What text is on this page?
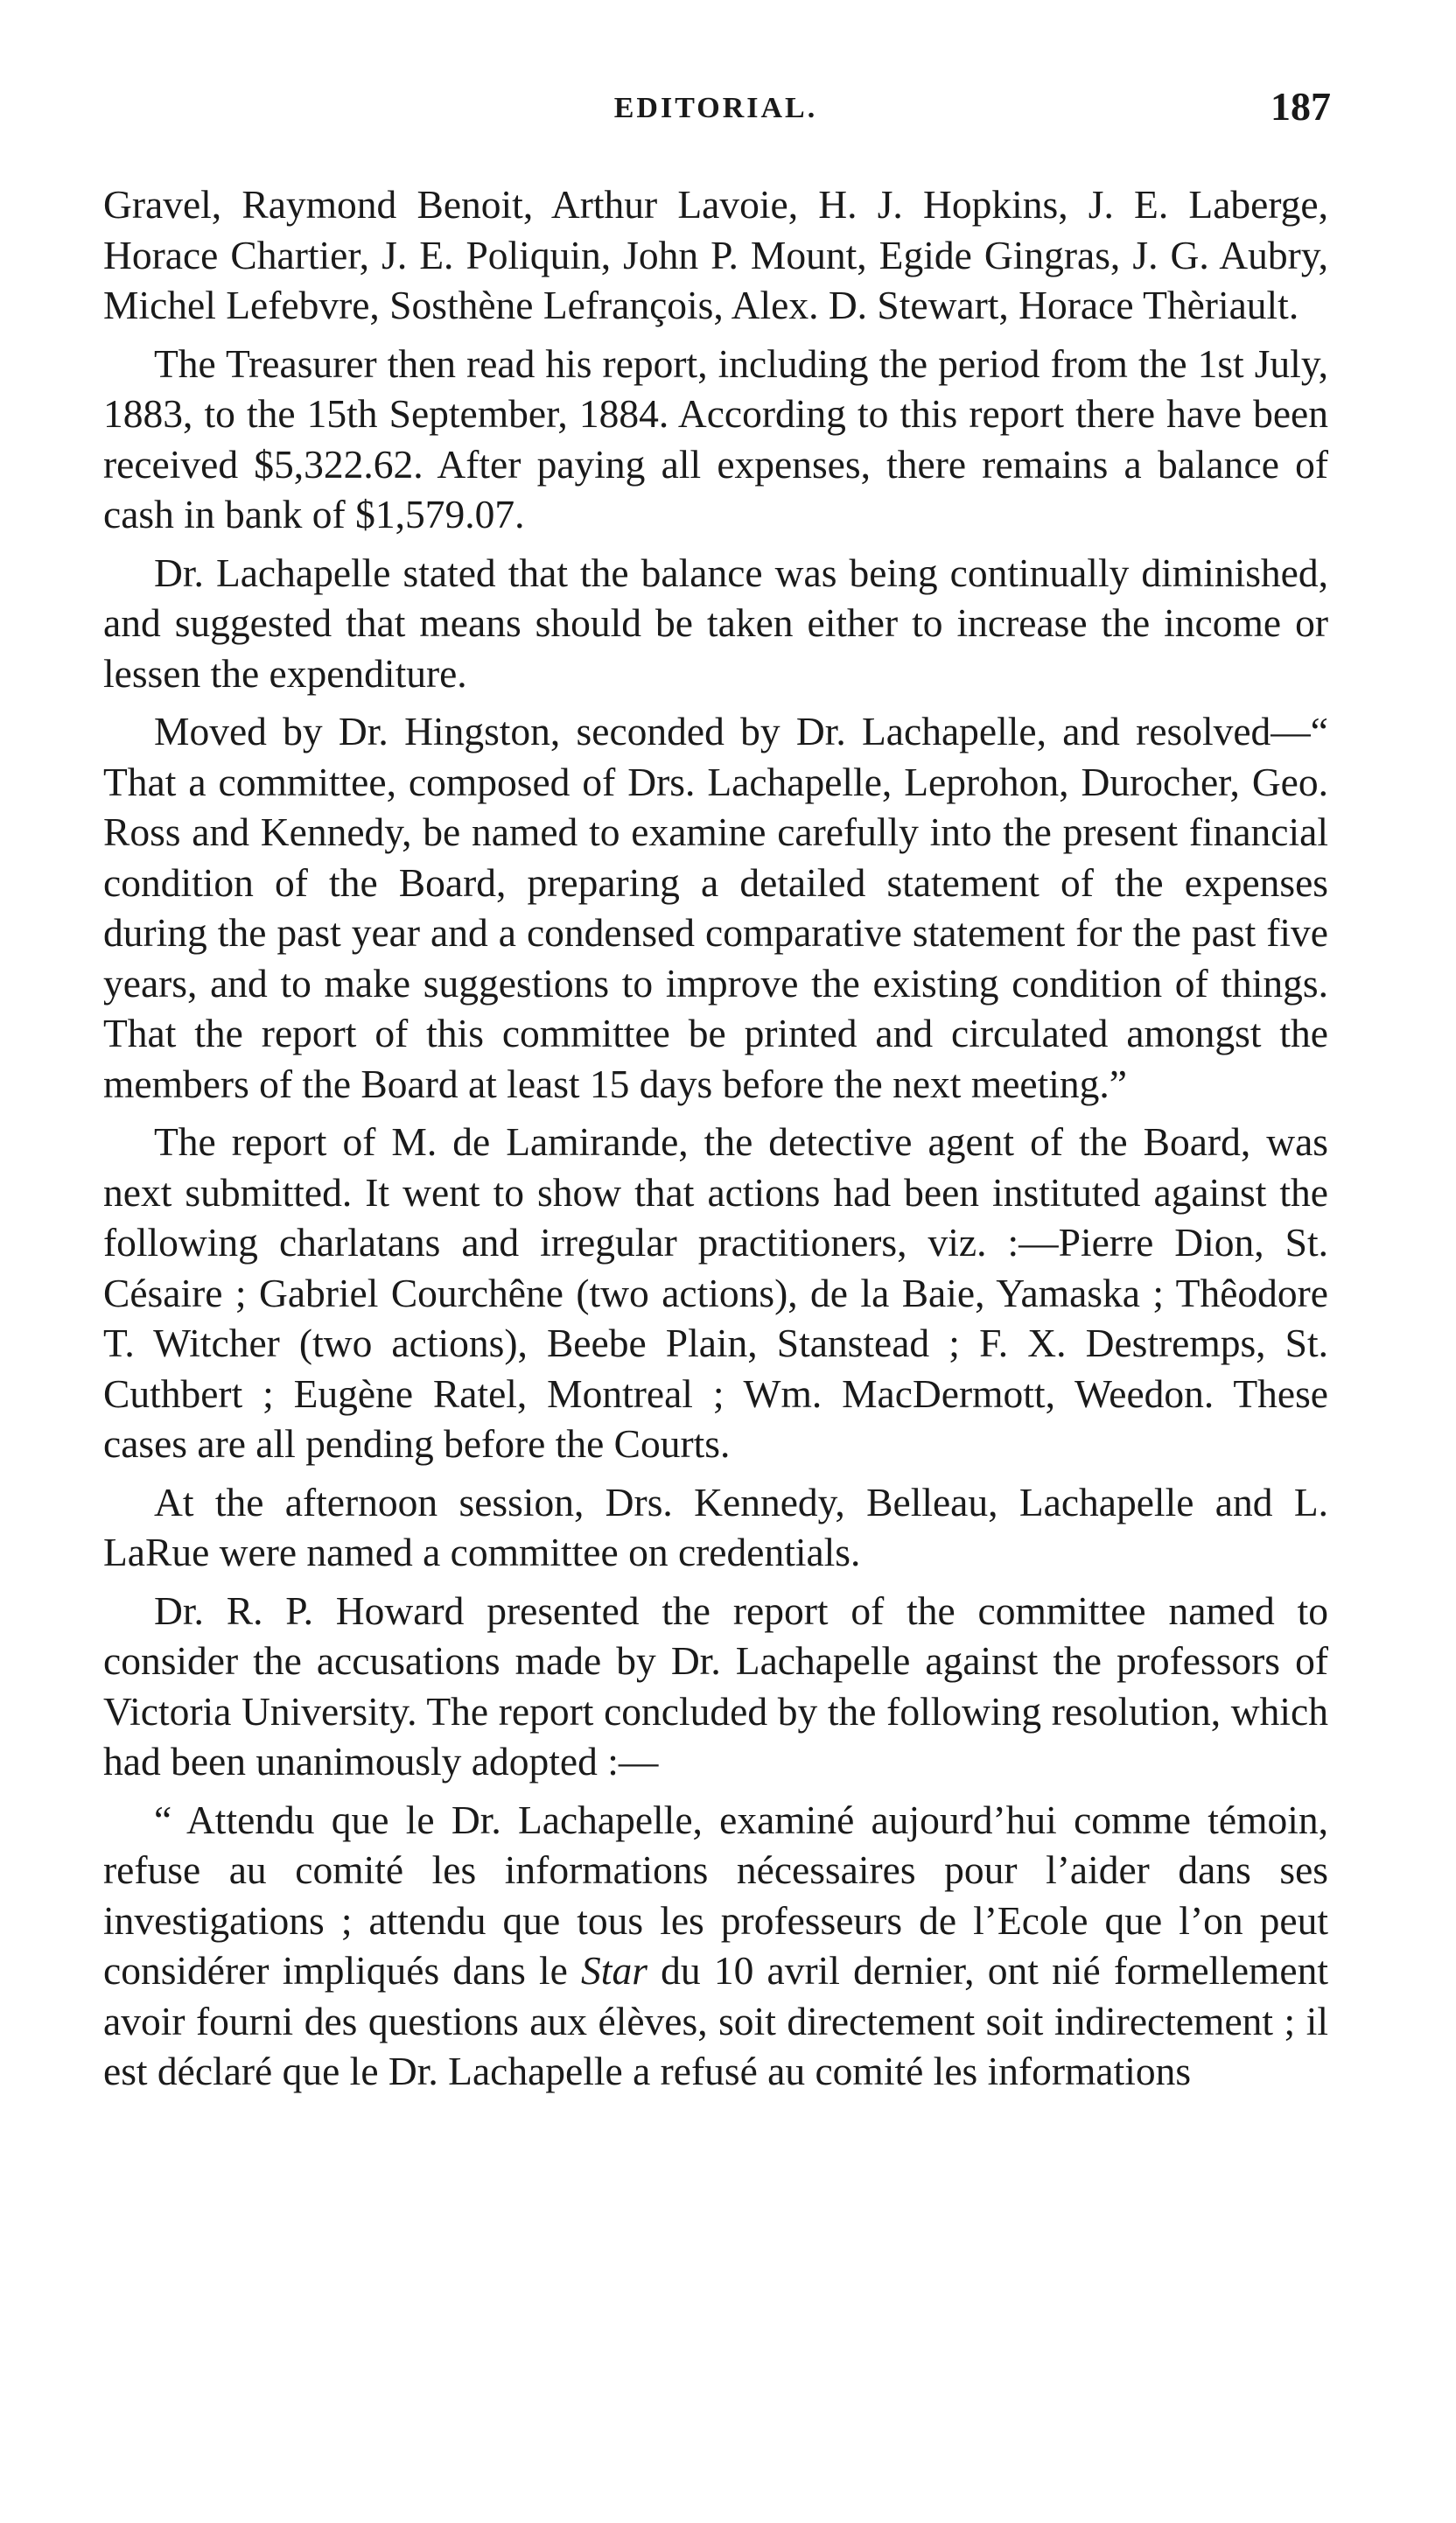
EDITORIAL.	187

Gravel, Raymond Benoit, Arthur Lavoie, H. J. Hopkins, J. E. Laberge, Horace Chartier, J. E. Poliquin, John P. Mount, Egide Gingras, J. G. Aubry, Michel Lefebvre, Sosthène Lefrançois, Alex. D. Stewart, Horace Thèriault.

The Treasurer then read his report, including the period from the 1st July, 1883, to the 15th September, 1884. According to this report there have been received $5,322.62. After paying all expenses, there remains a balance of cash in bank of $1,579.07.

Dr. Lachapelle stated that the balance was being continually diminished, and suggested that means should be taken either to increase the income or lessen the expenditure.

Moved by Dr. Hingston, seconded by Dr. Lachapelle, and resolved—“ That a committee, composed of Drs. Lachapelle, Leprohon, Durocher, Geo. Ross and Kennedy, be named to examine carefully into the present financial condition of the Board, preparing a detailed statement of the expenses during the past year and a condensed comparative statement for the past five years, and to make suggestions to improve the existing condition of things. That the report of this committee be printed and circulated amongst the members of the Board at least 15 days before the next meeting.”

The report of M. de Lamirande, the detective agent of the Board, was next submitted. It went to show that actions had been instituted against the following charlatans and irregular practitioners, viz. :—Pierre Dion, St. Césaire ; Gabriel Courchêne (two actions), de la Baie, Yamaska ; Thêodore T. Witcher (two actions), Beebe Plain, Stanstead ; F. X. Destremps, St. Cuthbert ; Eugène Ratel, Montreal ; Wm. MacDermott, Weedon. These cases are all pending before the Courts.

At the afternoon session, Drs. Kennedy, Belleau, Lachapelle and L. LaRue were named a committee on credentials.

Dr. R. P. Howard presented the report of the committee named to consider the accusations made by Dr. Lachapelle against the professors of Victoria University. The report concluded by the following resolution, which had been unanimously adopted :—

“ Attendu que le Dr. Lachapelle, examiné aujourd’hui comme témoin, refuse au comité les informations nécessaires pour l’aider dans ses investigations ; attendu que tous les professeurs de l’Ecole que l’on peut considérer impliqués dans le Star du 10 avril dernier, ont nié formellement avoir fourni des questions aux élèves, soit directement soit indirectement ; il est déclaré que le Dr. Lachapelle a refusé au comité les informations
